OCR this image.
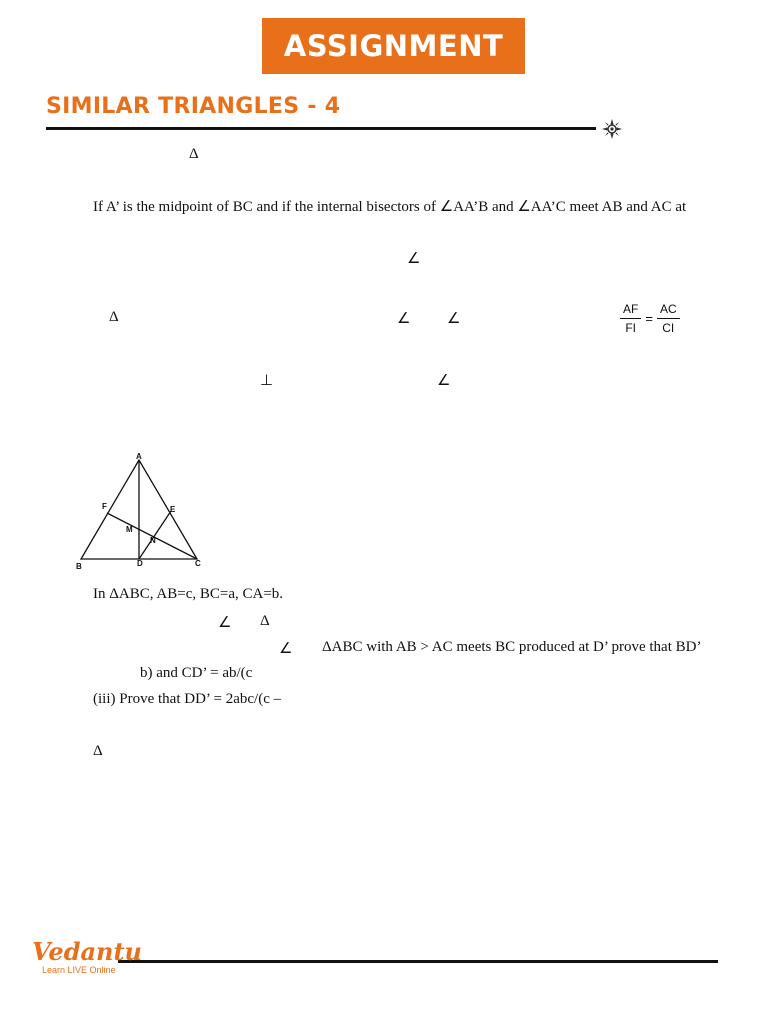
ASSIGNMENT
SIMILAR TRIANGLES - 4
Δ
If A’ is the midpoint of BC and if the internal bisectors of ∠AA’B and ∠AA’C meet AB and AC at
∠
Δ	∠ ∠
AF
FI
=
AC
CI
⊥	∠
A
B	C
D
E
F
M
N
In ΔABC, AB=c, BC=a, CA=b.
∠ Δ
∠ ΔABC with AB > AC meets BC produced at D’ prove that BD’
b) and CD’ = ab/(c
(iii) Prove that DD’ = 2abc/(c –
Δ
Vedantu
Learn LIVE Online
